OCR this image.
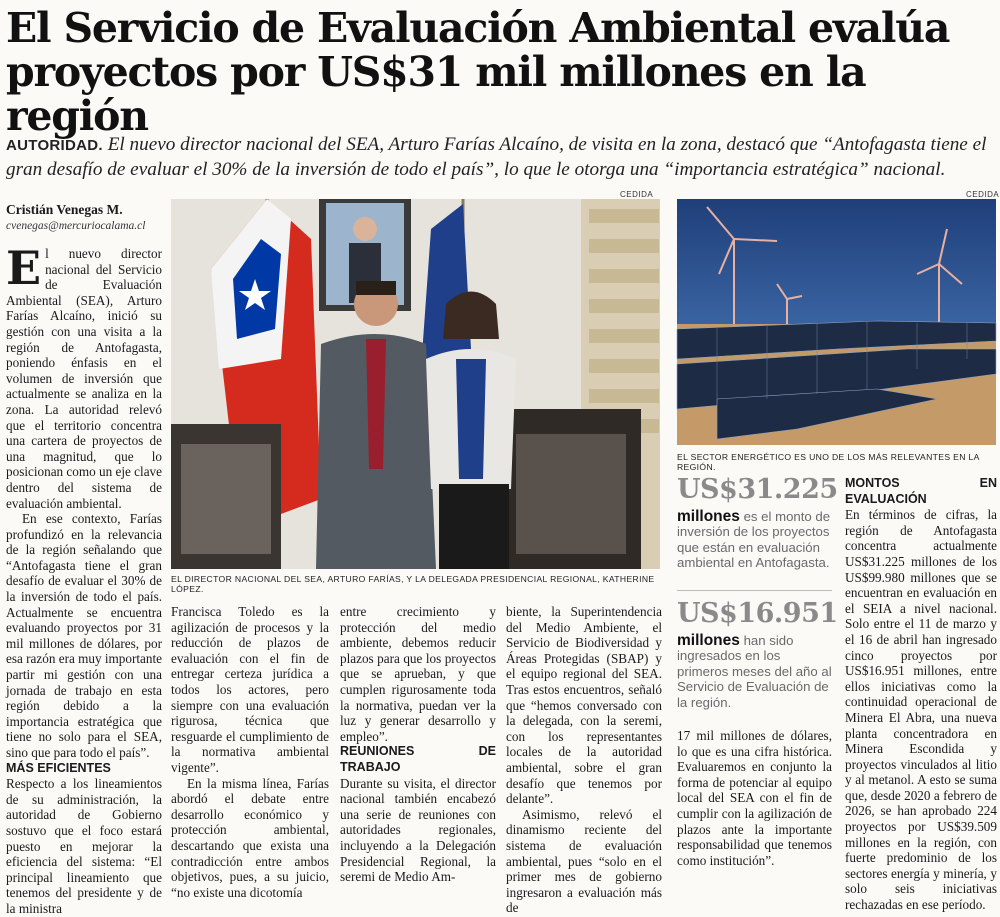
El Servicio de Evaluación Ambiental evalúa proyectos por US$31 mil millones en la región

AUTORIDAD. El nuevo director nacional del SEA, Arturo Farías Alcaíno, de visita en la zona, destacó que “Antofagasta tiene el gran desafío de evaluar el 30% de la inversión de todo el país”, lo que le otorga una “importancia estratégica” nacional.

Cristián Venegas M.
cvenegas@mercuriocalama.cl

El nuevo director nacional del Servicio de Evaluación Ambiental (SEA), Arturo Farías Alcaíno, inició su gestión con una visita a la región de Antofagasta, poniendo énfasis en el volumen de inversión que actualmente se analiza en la zona. La autoridad relevó que el territorio concentra una cartera de proyectos de una magnitud, que lo posicionan como un eje clave dentro del sistema de evaluación ambiental.

En ese contexto, Farías profundizó en la relevancia de la región señalando que “Antofagasta tiene el gran desafío de evaluar el 30% de la inversión de todo el país. Actualmente se encuentra evaluando proyectos por 31 mil millones de dólares, por esa razón era muy importante partir mi gestión con una jornada de trabajo en esta región debido a la importancia estratégica que tiene no solo para el SEA, sino que para todo el país”.

MÁS EFICIENTES

Respecto a los lineamientos de su administración, la autoridad de Gobierno sostuvo que el foco estará puesto en mejorar la eficiencia del sistema: “El principal lineamiento que tenemos del presidente y de la ministra

CEDIDA
EL DIRECTOR NACIONAL DEL SEA, ARTURO FARÍAS, Y LA DELEGADA PRESIDENCIAL REGIONAL, KATHERINE LÓPEZ.
CEDIDA
EL SECTOR ENERGÉTICO ES UNO DE LOS MÁS RELEVANTES EN LA REGIÓN.

Francisca Toledo es la agilización de procesos y la reducción de plazos de evaluación con el fin de entregar certeza jurídica a todos los actores, pero siempre con una evaluación rigurosa, técnica que resguarde el cumplimiento de la normativa ambiental vigente”.

En la misma línea, Farías abordó el debate entre desarrollo económico y protección ambiental, descartando que exista una contradicción entre ambos objetivos, pues, a su juicio, “no existe una dicotomía

entre crecimiento y protección del medio ambiente, debemos reducir plazos para que los proyectos que se aprueban, y que cumplen rigurosamente toda la normativa, puedan ver la luz y generar desarrollo y empleo”.

REUNIONES DE TRABAJO

Durante su visita, el director nacional también encabezó una serie de reuniones con autoridades regionales, incluyendo a la Delegación Presidencial Regional, la seremi de Medio Am-

biente, la Superintendencia del Medio Ambiente, el Servicio de Biodiversidad y Áreas Protegidas (SBAP) y el equipo regional del SEA. Tras estos encuentros, señaló que “hemos conversado con la delegada, con la seremi, con los representantes locales de la autoridad ambiental, sobre el gran desafío que tenemos por delante”.

Asimismo, relevó el dinamismo reciente del sistema de evaluación ambiental, pues “solo en el primer mes de gobierno ingresaron a evaluación más de

US$31.225

millones es el monto de inversión de los proyectos que están en evaluación ambiental en Antofagasta.

US$16.951

millones han sido ingresados en los primeros meses del año al Servicio de Evaluación de la región.

17 mil millones de dólares, lo que es una cifra histórica. Evaluaremos en conjunto la forma de potenciar al equipo local del SEA con el fin de cumplir con la agilización de plazos ante la importante responsabilidad que tenemos como institución”.

MONTOS EN EVALUACIÓN

En términos de cifras, la región de Antofagasta concentra actualmente US$31.225 millones de los US$99.980 millones que se encuentran en evaluación en el SEIA a nivel nacional. Solo entre el 11 de marzo y el 16 de abril han ingresado cinco proyectos por US$16.951 millones, entre ellos iniciativas como la continuidad operacional de Minera El Abra, una nueva planta concentradora en Minera Escondida y proyectos vinculados al litio y al metanol. A esto se suma que, desde 2020 a febrero de 2026, se han aprobado 224 proyectos por US$39.509 millones en la región, con fuerte predominio de los sectores energía y minería, y solo seis iniciativas rechazadas en ese período.
